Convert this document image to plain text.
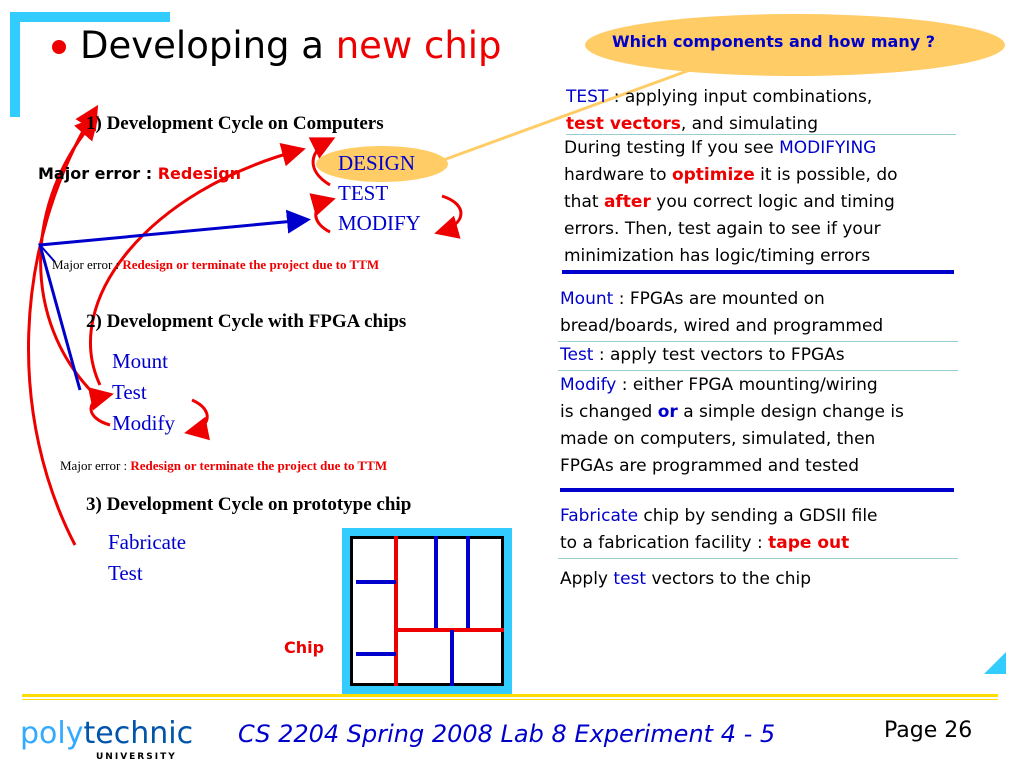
Developing a new chip	Which components and how many ?
1) Development Cycle on Computers
DESIGN
TEST
MODIFY
Major error : Redesign
Major error : Redesign or terminate the project due to TTM
2) Development Cycle with FPGA chips
Mount
Test
Modify
Major error : Redesign or terminate the project due to TTM
3) Development Cycle on prototype chip
Fabricate
Test
Chip
TEST : applying input combinations,
test vectors, and simulating
During testing If you see MODIFYING
hardware to optimize it is possible, do
that after you correct logic and timing
errors. Then, test again to see if your
minimization has logic/timing errors
Mount : FPGAs are mounted on
bread/boards, wired and programmed
Test : apply test vectors to FPGAs
Modify : either FPGA mounting/wiring
is changed or a simple design change is
made on computers, simulated, then
FPGAs are programmed and tested
Fabricate chip by sending a GDSII file
to a fabrication facility : tape out
Apply test vectors to the chip
polytechnic
UNIVERSITY
CS 2204 Spring 2008 Lab 8 Experiment 4 - 5	Page 26
